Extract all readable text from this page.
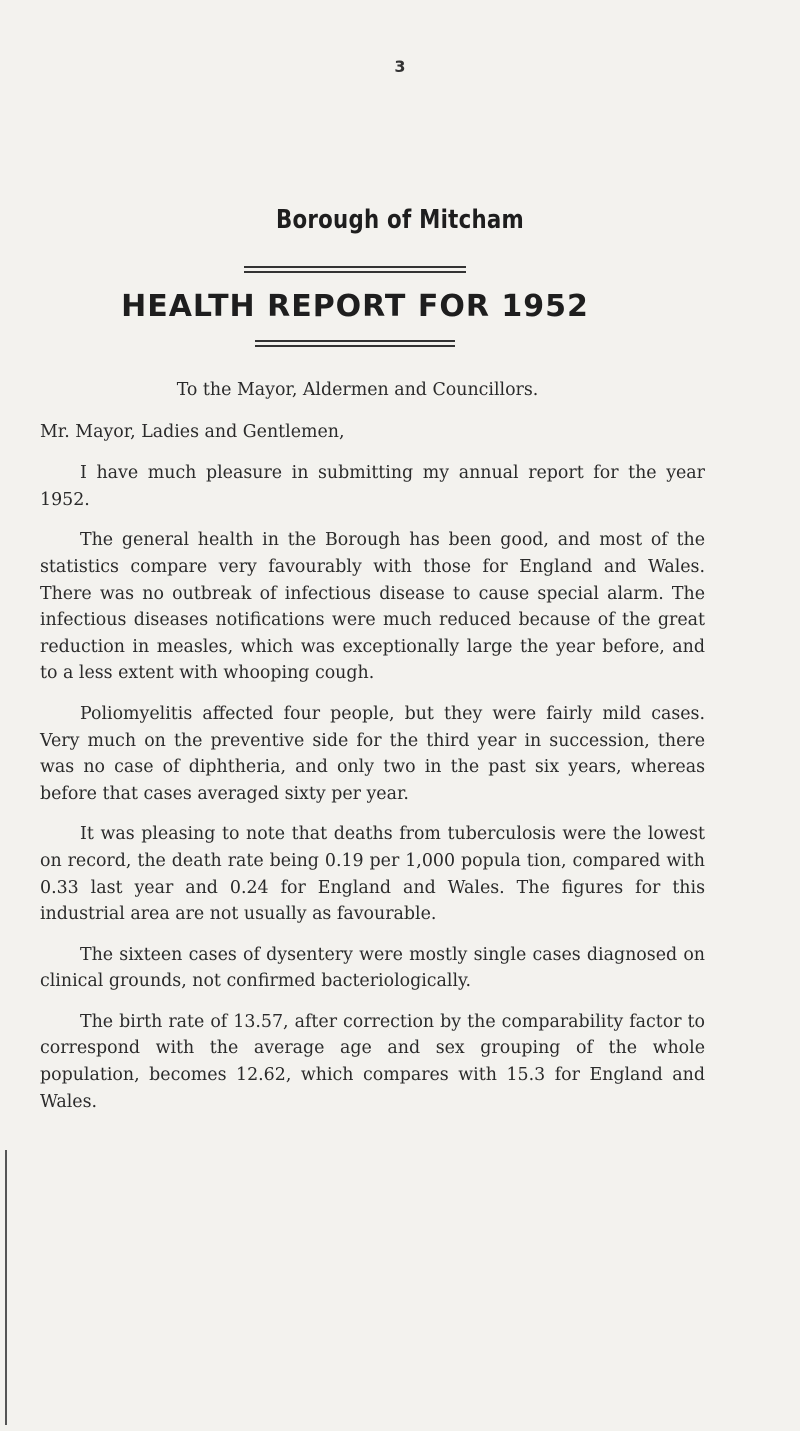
3
Borough of Mitcham
HEALTH REPORT FOR 1952

To the Mayor, Aldermen and Councillors.

Mr. Mayor, Ladies and Gentlemen,

I have much pleasure in submitting my annual report for the year 1952.

The general health in the Borough has been good, and most of the statistics compare very favourably with those for England and Wales. There was no outbreak of infectious disease to cause special alarm. The infectious diseases notifications were much reduced because of the great reduction in measles, which was exceptionally large the year before, and to a less extent with whooping cough.

Poliomyelitis affected four people, but they were fairly mild cases. Very much on the preventive side for the third year in succession, there was no case of diphtheria, and only two in the past six years, whereas before that cases averaged sixty per year.

It was pleasing to note that deaths from tuberculosis were the lowest on record, the death rate being 0.19 per 1,000 popula tion, compared with 0.33 last year and 0.24 for England and Wales. The figures for this industrial area are not usually as favourable.

The sixteen cases of dysentery were mostly single cases diagnosed on clinical grounds, not confirmed bacteriologically.

The birth rate of 13.57, after correction by the comparability factor to correspond with the average age and sex grouping of the whole population, becomes 12.62, which compares with 15.3 for England and Wales.
